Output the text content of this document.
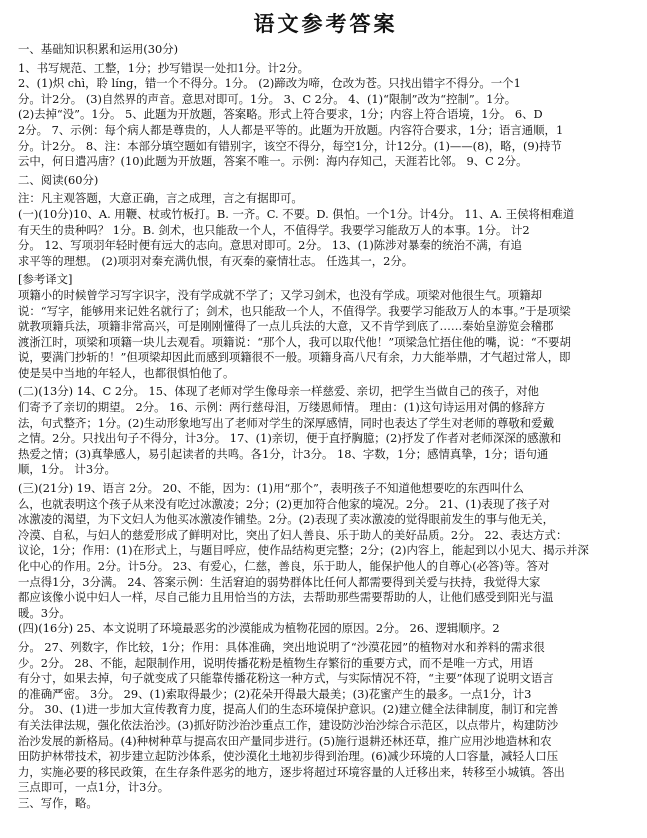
语文参考答案
一、基础知识积累和运用(30分)
1、书写规范、工整，1分；抄写错误一处扣1分。计2分。
2、(1)炽 chì，聆 líng，错一个不得分。1分。 (2)蹄改为啼，仓改为苍。只找出错字不得分。一个1
分。计2分。 (3)自然界的声音。意思对即可。1分。 3、C 2分。 4、(1)“限制”改为“控制”。1分。
(2)去掉“没”。1分。 5、此题为开放题，答案略。形式上符合要求，1分；内容上符合语境，1分。 6、D
2分。 7、示例：每个病人都是尊贵的，人人都是平等的。此题为开放题。内容符合要求，1分；语言通顺，1
分。计2分。 8、注：本部分填空题如有错别字，该空不得分，每空1分，计12分。(1)——(8)，略，(9)持节
云中，何日遣冯唐？(10)此题为开放题，答案不唯一。示例：海内存知己，天涯若比邻。 9、C 2分。
二、阅读(60分)
注：凡主观答题，大意正确，言之成理，言之有据即可。
(一)(10分)10、A. 用鞭、杖或竹板打。B. 一齐。C. 不要。D. 俱怕。一个1分。计4分。 11、A. 王侯将相难道
有天生的贵种吗？ 1分。B. 剑术，也只能敌一个人，不值得学。我要学习能敌万人的本事。1分。 计2
分。 12、写项羽年轻时便有远大的志向。意思对即可。2分。 13、(1)陈涉对暴秦的统治不满，有追
求平等的理想。 (2)项羽对秦充满仇恨，有灭秦的豪情壮志。 任选其一，2分。
[参考译文]
项籍小的时候曾学习写字识字，没有学成就不学了；又学习剑术，也没有学成。项梁对他很生气。项籍却
说：“写字，能够用来记姓名就行了；剑术，也只能敌一个人，不值得学。我要学习能敌万人的本事。”于是项梁
就教项籍兵法，项籍非常高兴，可是刚刚懂得了一点儿兵法的大意，又不肯学到底了……秦始皇游览会稽郡
渡浙江时，项梁和项籍一块儿去观看。项籍说：“那个人，我可以取代他！”项梁急忙捂住他的嘴，说：“不要胡
说，要满门抄斩的！”但项梁却因此而感到项籍很不一般。项籍身高八尺有余，力大能举鼎，才气超过常人，即
使是吴中当地的年轻人，也都很惧怕他了。
(二)(13分) 14、C 2分。 15、体现了老师对学生像母亲一样慈爱、亲切，把学生当做自己的孩子，对他
们寄予了亲切的期望。 2分。 16、示例：两行慈母泪，万缕恩师情。 理由：(1)这句诗运用对偶的修辞方
法，句式整齐；1分。(2)生动形象地写出了老师对学生的深厚感情，同时也表达了学生对老师的尊敬和爱戴
之情。2分。只找出句子不得分，计3分。 17、(1)亲切，便于直抒胸臆；(2)抒发了作者对老师深深的感激和
热爱之情；(3)真挚感人，易引起读者的共鸣。各1分，计3分。 18、字数，1分；感情真挚，1分；语句通
顺，1分。 计3分。
(三)(21分) 19、语言 2分。 20、不能，因为：(1)用“那个”，表明孩子不知道他想要吃的东西叫什么
么，也就表明这个孩子从来没有吃过冰激凌；2分；(2)更加符合他家的境况。2分。 21、(1)表现了孩子对
冰激凌的渴望，为下文妇人为他买冰激凌作铺垫。2分。(2)表现了卖冰激凌的觉得眼前发生的事与他无关，
冷漠、自私，与妇人的慈爱形成了鲜明对比，突出了妇人善良、乐于助人的美好品质。2分。 22、表达方式：
议论，1分；作用：(1)在形式上，与题目呼应，使作品结构更完整；2分；(2)内容上，能起到以小见大、揭示并深
化中心的作用。2分。计5分。 23、有爱心，仁慈，善良，乐于助人，能保护他人的自尊心(必答)等。答对
一点得1分，3分满。 24、答案示例：生活窘迫的弱势群体比任何人都需要得到关爱与扶持，我觉得大家
都应该像小说中妇人一样，尽自己能力且用恰当的方法，去帮助那些需要帮助的人，让他们感受到阳光与温
暖。3分。
(四)(16分) 25、本文说明了环境最恶劣的沙漠能成为植物花园的原因。2分。 26、逻辑顺序。2
分。 27、列数字，作比较，1分；作用：具体准确，突出地说明了“沙漠花园”的植物对水和养料的需求很
少。2分。 28、不能，起限制作用，说明传播花粉是植物生存繁衍的重要方式，而不是唯一方式，用语
有分寸，如果去掉，句子就变成了只能靠传播花粉这一种方式，与实际情况不符，“主要”体现了说明文语言
的准确严密。 3分。 29、(1)索取得最少；(2)花朵开得最大最美；(3)花蜜产生的最多。一点1分，计3
分。 30、(1)进一步加大宣传教育力度，提高人们的生态环境保护意识。(2)建立健全法律制度，制订和完善
有关法律法规，强化依法治沙。(3)抓好防沙治沙重点工作，建设防沙治沙综合示范区，以点带片，构建防沙
治沙发展的新格局。(4)种树种草与提高农田产量同步进行。(5)施行退耕还林还草，推广应用沙地造林和农
田防护林带技术，初步建立起防沙体系，使沙漠化土地初步得到治理。(6)减少环境的人口容量，减轻人口压
力，实施必要的移民政策，在生存条件恶劣的地方，逐步将超过环境容量的人迁移出来，转移至小城镇。答出
三点即可，一点1分，计3分。
三、写作，略。
